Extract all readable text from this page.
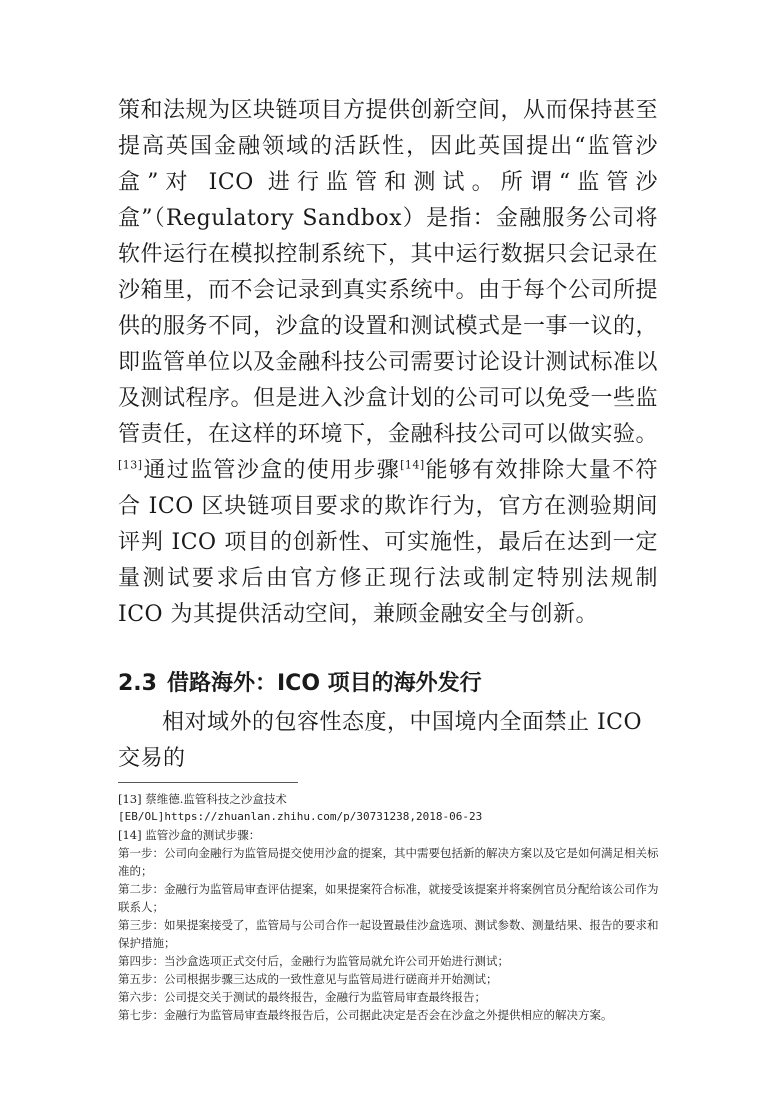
策和法规为区块链项目方提供创新空间，从而保持甚至提高英国金融领域的活跃性，因此英国提出“监管沙盒”对 ICO 进行监管和测试。所谓“监管沙盒”（Regulatory Sandbox）是指：金融服务公司将软件运行在模拟控制系统下，其中运行数据只会记录在沙箱里，而不会记录到真实系统中。由于每个公司所提供的服务不同，沙盒的设置和测试模式是一事一议的，即监管单位以及金融科技公司需要讨论设计测试标准以及测试程序。但是进入沙盒计划的公司可以免受一些监管责任，在这样的环境下，金融科技公司可以做实验。[13]通过监管沙盒的使用步骤[14]能够有效排除大量不符合 ICO 区块链项目要求的欺诈行为，官方在测验期间评判 ICO 项目的创新性、可实施性，最后在达到一定量测试要求后由官方修正现行法或制定特别法规制 ICO 为其提供活动空间，兼顾金融安全与创新。

2.3 借路海外：ICO 项目的海外发行

相对域外的包容性态度，中国境内全面禁止 ICO 交易的

[13] 蔡维德.监管科技之沙盒技术
[EB/OL]https://zhuanlan.zhihu.com/p/30731238,2018-06-23
[14] 监管沙盒的测试步骤：
第一步：公司向金融行为监管局提交使用沙盒的提案，其中需要包括新的解决方案以及它是如何满足相关标准的；
第二步：金融行为监管局审查评估提案，如果提案符合标准，就接受该提案并将案例官员分配给该公司作为联系人；
第三步：如果提案接受了，监管局与公司合作一起设置最佳沙盒选项、测试参数、测量结果、报告的要求和保护措施；
第四步：当沙盒选项正式交付后，金融行为监管局就允许公司开始进行测试；
第五步：公司根据步骤三达成的一致性意见与监管局进行磋商并开始测试；
第六步：公司提交关于测试的最终报告，金融行为监管局审查最终报告；
第七步：金融行为监管局审查最终报告后，公司据此决定是否会在沙盒之外提供相应的解决方案。
